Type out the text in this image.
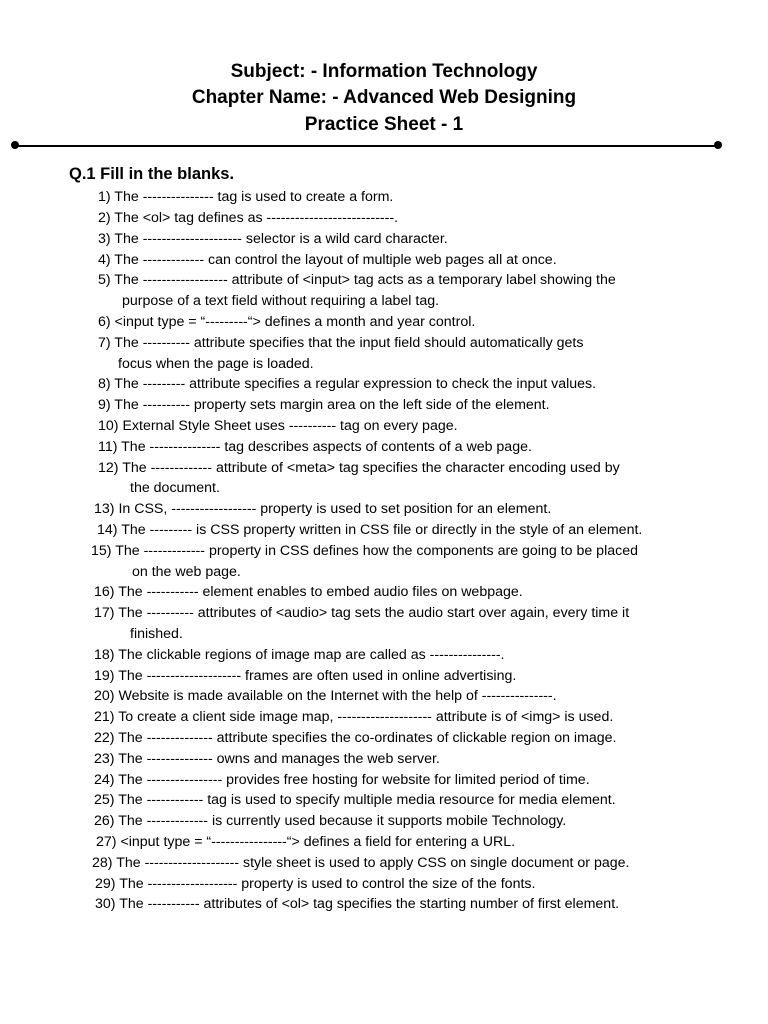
Subject: - Information Technology
Chapter Name: - Advanced Web Designing
Practice Sheet - 1
Q.1 Fill in the blanks.
1) The --------------- tag is used to create a form.
2) The <ol> tag defines as ---------------------------.
3) The --------------------- selector is a wild card character.
4) The ------------- can control the layout of multiple web pages all at once.
5) The ------------------ attribute of <input> tag acts as a temporary label showing the
purpose of a text field without requiring a label tag.
6) <input type = “---------“> defines a month and year control.
7) The ---------- attribute specifies that the input field should automatically gets
focus when the page is loaded.
8) The --------- attribute specifies a regular expression to check the input values.
9) The ---------- property sets margin area on the left side of the element.
10) External Style Sheet uses ---------- tag on every page.
11) The --------------- tag describes aspects of contents of a web page.
12) The ------------- attribute of <meta> tag specifies the character encoding used by
the document.
13) In CSS, ------------------ property is used to set position for an element.
14) The --------- is CSS property written in CSS file or directly in the style of an element.
15) The ------------- property in CSS defines how the components are going to be placed
on the web page.
16) The ----------- element enables to embed audio files on webpage.
17) The ---------- attributes of <audio> tag sets the audio start over again, every time it
finished.
18) The clickable regions of image map are called as ---------------.
19) The -------------------- frames are often used in online advertising.
20) Website is made available on the Internet with the help of ---------------.
21) To create a client side image map, -------------------- attribute is of <img> is used.
22) The -------------- attribute specifies the co-ordinates of clickable region on image.
23) The -------------- owns and manages the web server.
24) The ---------------- provides free hosting for website for limited period of time.
25) The ------------ tag is used to specify multiple media resource for media element.
26) The ------------- is currently used because it supports mobile Technology.
27) <input type = “----------------“> defines a field for entering a URL.
28) The -------------------- style sheet is used to apply CSS on single document or page.
29) The ------------------- property is used to control the size of the fonts.
30) The ----------- attributes of <ol> tag specifies the starting number of first element.
